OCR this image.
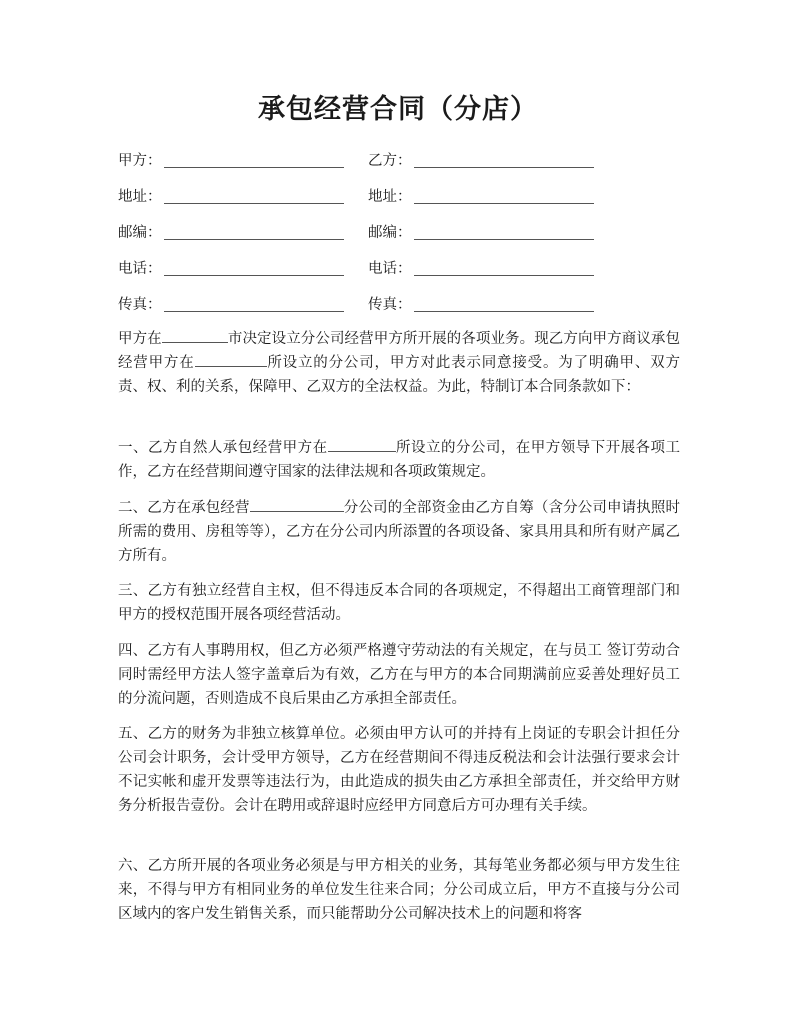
承包经营合同（分店）
甲方：	乙方：
地址：	地址：
邮编：	邮编：
电话：	电话：
传真：	传真：

甲方在	市决定设立分公司经营甲方所开展的各项业务。现乙方向甲方商议承包经营甲方在	所设立的分公司，甲方对此表示同意接受。为了明确甲、双方责、权、利的关系，保障甲、乙双方的全法权益。为此，特制订本合同条款如下：

一、乙方自然人承包经营甲方在	所设立的分公司，在甲方领导下开展各项工作，乙方在经营期间遵守国家的法律法规和各项政策规定。

二、乙方在承包经营	分公司的全部资金由乙方自筹（含分公司申请执照时所需的费用、房租等等），乙方在分公司内所添置的各项设备、家具用具和所有财产属乙方所有。

三、乙方有独立经营自主权，但不得违反本合同的各项规定，不得超出工商管理部门和甲方的授权范围开展各项经营活动。

四、乙方有人事聘用权，但乙方必须严格遵守劳动法的有关规定，在与员工 签订劳动合同时需经甲方法人签字盖章后为有效，乙方在与甲方的本合同期满前应妥善处理好员工的分流问题，否则造成不良后果由乙方承担全部责任。

五、乙方的财务为非独立核算单位。必须由甲方认可的并持有上岗证的专职会计担任分公司会计职务，会计受甲方领导，乙方在经营期间不得违反税法和会计法强行要求会计不记实帐和虚开发票等违法行为，由此造成的损失由乙方承担全部责任，并交给甲方财务分析报告壹份。会计在聘用或辞退时应经甲方同意后方可办理有关手续。

六、乙方所开展的各项业务必须是与甲方相关的业务，其每笔业务都必须与甲方发生往来，不得与甲方有相同业务的单位发生往来合同；分公司成立后，甲方不直接与分公司区域内的客户发生销售关系，而只能帮助分公司解决技术上的问题和将客
